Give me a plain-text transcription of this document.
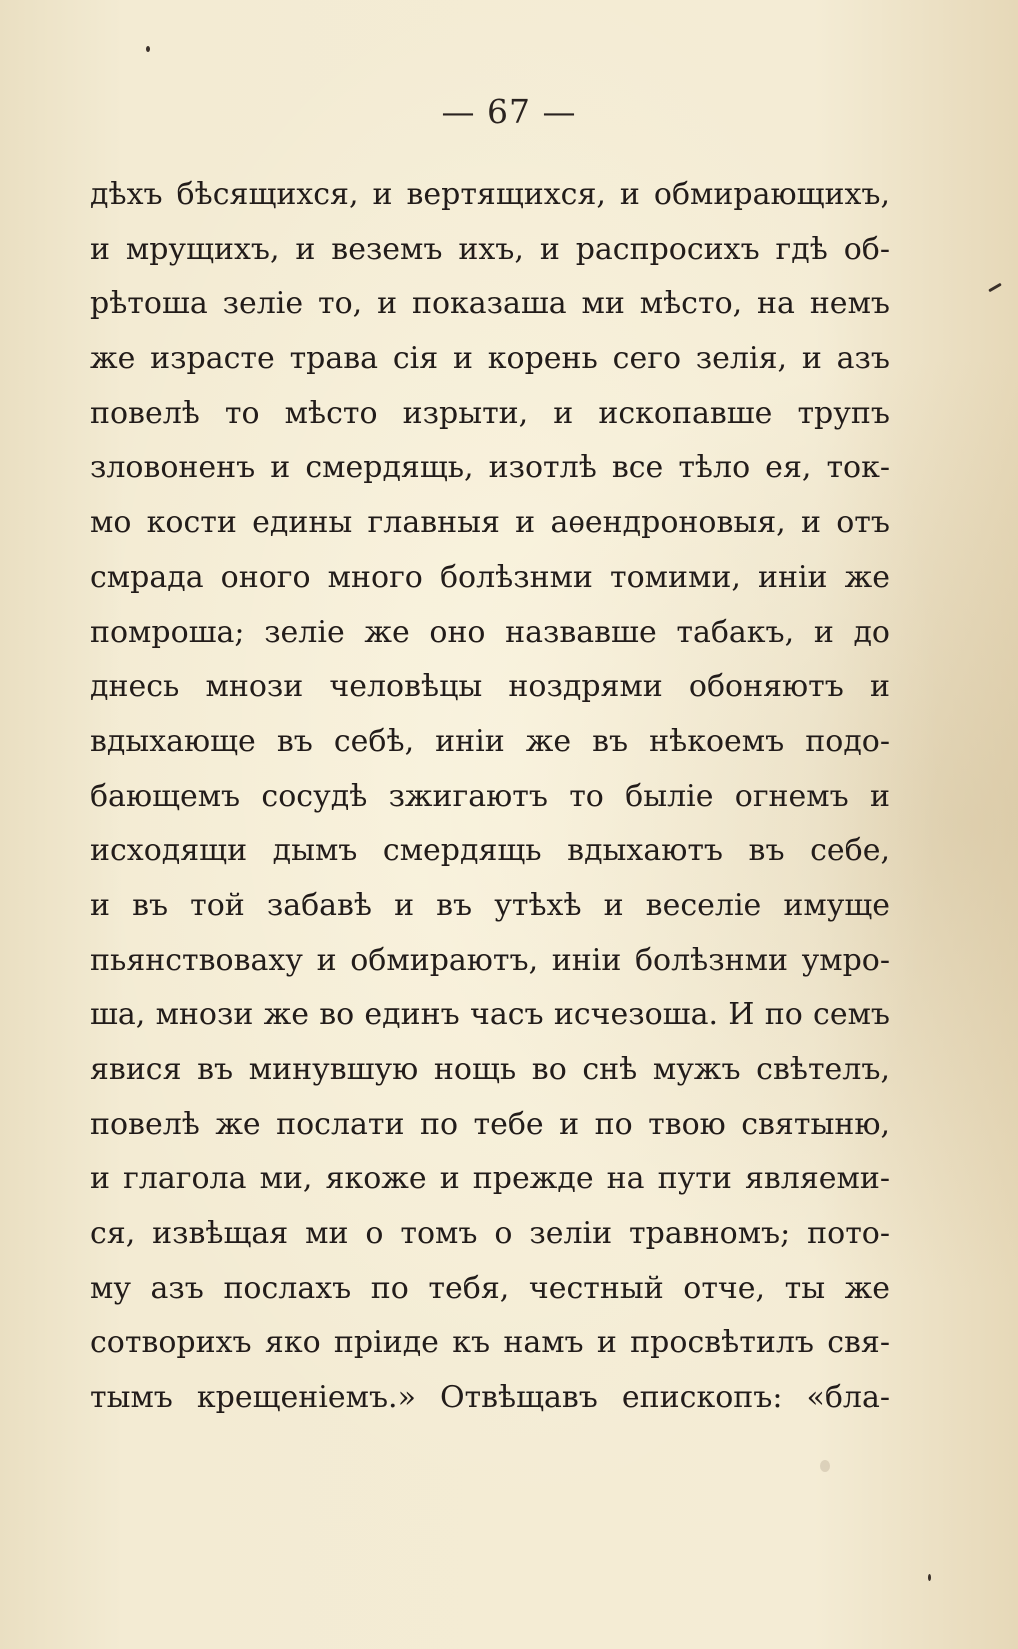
— 67 —
дѣхъ бѣсящихся, и вертящихся, и обмирающихъ,
и мрущихъ, и веземъ ихъ, и распросихъ гдѣ об-
рѣтоша зеліе то, и показаша ми мѣсто, на немъ
же израсте трава сія и корень сего зелія, и азъ
повелѣ то мѣсто изрыти, и ископавше трупъ
зловоненъ и смердящь, изотлѣ все тѣло ея, ток-
мо кости едины главныя и аѳендроновыя, и отъ
смрада оного много болѣзнми томими, иніи же
помроша; зеліе же оно назвавше табакъ, и до
днесь мнози человѣцы ноздрями обоняютъ и
вдыхающе въ себѣ, иніи же въ нѣкоемъ подо-
бающемъ сосудѣ зжигаютъ то быліе огнемъ и
исходящи дымъ смердящь вдыхаютъ въ себе,
и въ той забавѣ и въ утѣхѣ и веселіе имуще
пьянствоваху и обмираютъ, иніи болѣзнми умро-
ша, мнози же во единъ часъ исчезоша. И по семъ
явися въ минувшую нощь во снѣ мужъ свѣтелъ,
повелѣ же послати по тебе и по твою святыню,
и глагола ми, якоже и прежде на пути являеми-
ся, извѣщая ми о томъ о зеліи травномъ; пото-
му азъ послахъ по тебя, честный отче, ты же
сотворихъ яко пріиде къ намъ и просвѣтилъ свя-
тымъ крещеніемъ.» Отвѣщавъ епископъ: «бла-
